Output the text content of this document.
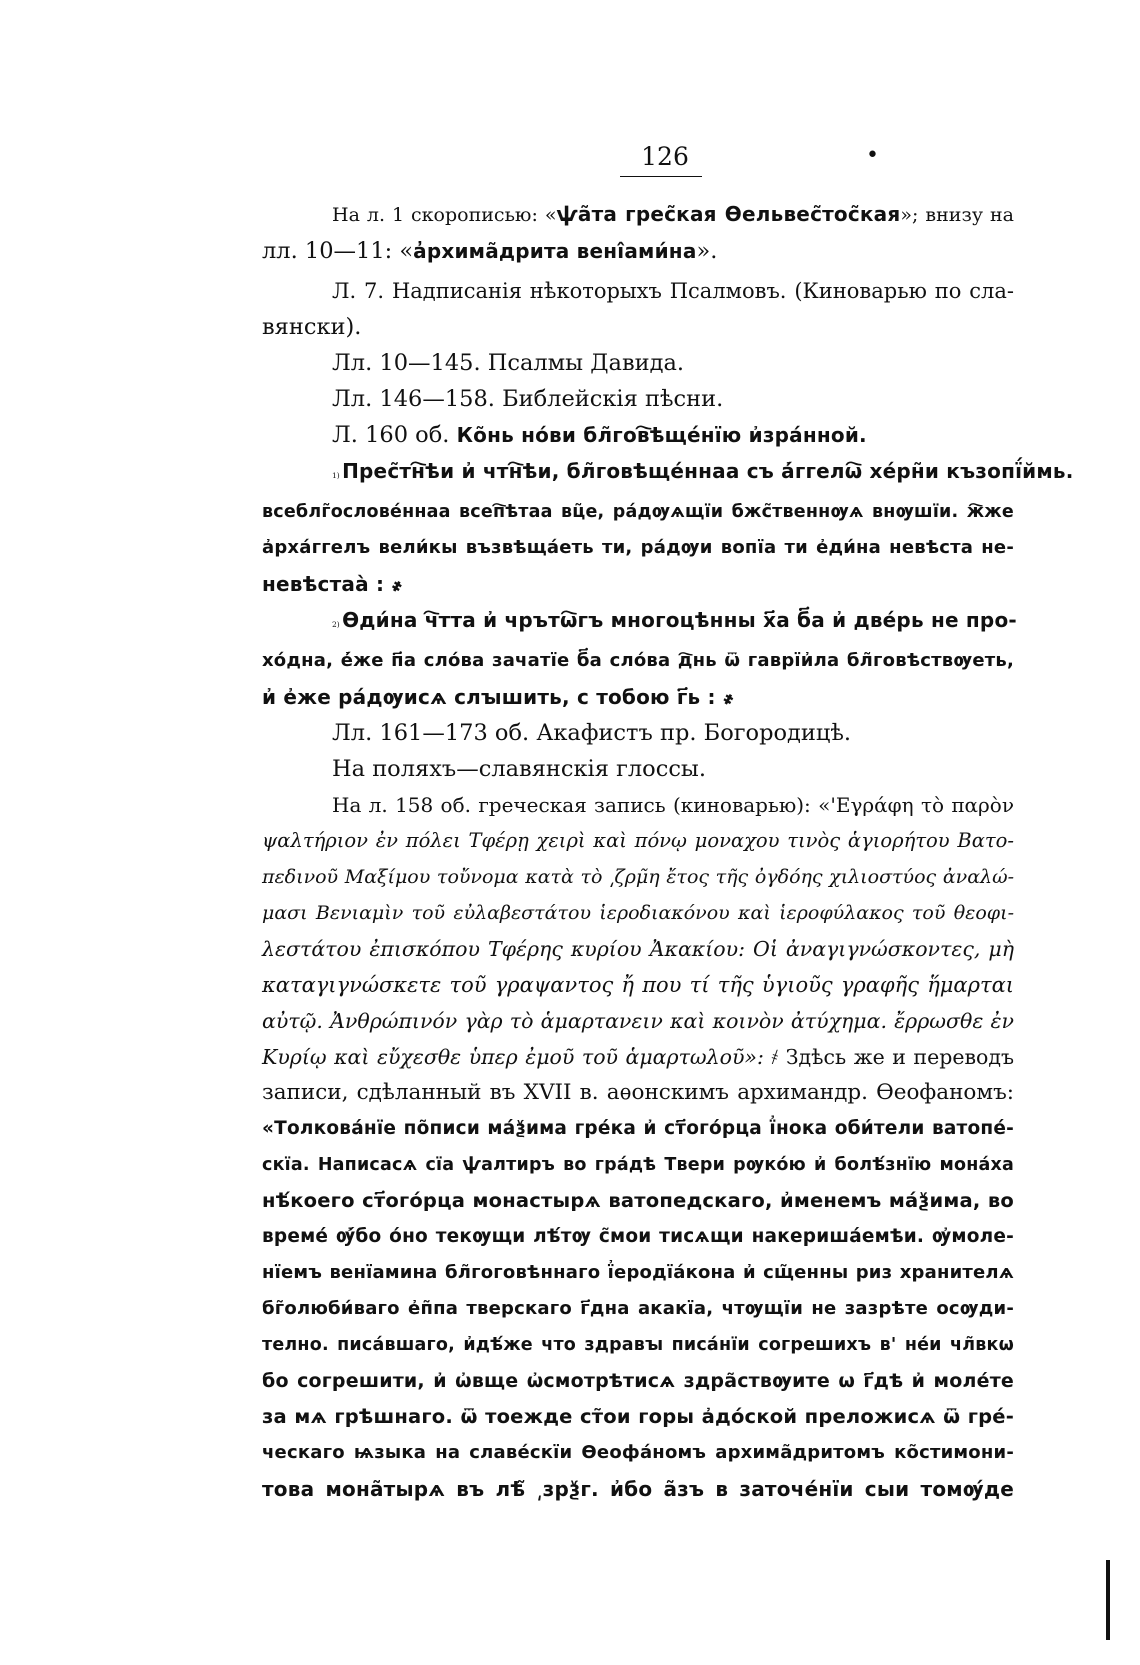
126	•

На л. 1 скорописью: «ѱа̃та грес̃кая Ѳельвес̃тос̃кая»; внизу на
лл. 10—11: «а̓рхима̃дрита вені̂ами́на».

Л. 7. Надписанія нѣкоторыхъ Псалмовъ. (Киноварью по сла-
вянски).

Лл. 10—145. Псалмы Давида.

Лл. 146—158. Библейскія пѣсни.

Л. 160 об. Ко̃нь но́ви бл̃гов҇ѣщéнїю и҆зра́нной.

1) Прес̃тн҇ѣи и҆ чтн҇ѣи, бл̃говѣще́ннаа съ а҆́ггелѡ҇ хе́рн̃и къзопї́ймь.
всеблг̃ослове́ннаа всеп҇ѣтаа вц̃е, ра́дѹѧщїи бжс̃твеннѹѧ внѹшїи. ж҇же
а҆рха́ггелъ вели́кы възвѣща́еть ти, ра́дѹи вопїа ти е҆ди́на невѣста не-
невѣстаа̀ : ҂

2) Ѳди́на ч҇тта и҆ чрътѡ҇гъ многоцѣнны х҃а б҃а и҆ две́рь не про-
хо́дна, е҆́же п҃а сло́ва зачатїе б҃а сло́ва д҇нь ѿ гаврїи҆ла бл̃говѣствѹеть,
и҆ е҆же ра́дѹисѧ слꙑшить, с тобою г҃ь : ҂

Лл. 161—173 об. Акафистъ пр. Богородицѣ.

На поляхъ—славянскія глоссы.

На л. 158 об. греческая запись (киноварью): «'Εγράφη τὸ παρὸν
ψαλτήριον ἐν πόλει Τφέρῃ χειρὶ καὶ πόνῳ μοναχου τινὸς ἁγιορήτου Βατο-
πεδινοῦ Μαξίμου τοὔνομα κατὰ τὸ ͵ζρμ̃η ἔτος τῆς ὀγδόης χιλιοστύος ἀναλώ-
μασι Βενιαμὶν τοῦ εὐλαβεστάτου ἱεροδιακόνου καὶ ἱεροφύλακος τοῦ θεοφι-
λεστάτου ἐπισκόπου Τφέρης κυρίου Ἀκακίου: Οἱ ἀναγιγνώσκοντες, μὴ
καταγιγνώσκετε τοῦ γραψαντος ἤ που τί τῆς ὑγιοῦς γραφῆς ἥμαρται
αὐτῷ. Ἀνθρώπινόν γὰρ τὸ ἁμαρτανειν καὶ κοινὸν ἀτύχημα. ἔρρωσθε ἐν
Κυρίῳ καὶ εὔχεσθε ὑπερ ἐμοῦ τοῦ ἁμαρτωλοῦ»: ҂ Здѣсь же и переводъ
записи, сдѣланный въ XVII в. аѳонскимъ архимандр. Ѳеофаномъ:
«Толкова́нїе по̃писи ма́ѯима гре́ка и҆ ст҃ого́рца ї҆нока оби́тели ватопе́-
скїа. Написасѧ сїа ѱалтиръ во гра́дѣ Твери рѹко́ю и҆ болѣ́знїю мона́ха
нѣ́коего ст҃ого́рца монастырѧ ватопедскаго, и҆менемъ ма́ѯима, во
време́ ѹ҆́бо о́но текѹщи лѣ́тѹ с̃мои тисѧщи накериша́емѣи. ѹ҆моле-
нїемъ венїамина бл̃гоговѣннаго ї҆еродїа́кона и҆ сщ̃енны риз хранителѧ
бг̃олюби́ваго е҆п̃па тверскаго г҃дна акакїа, чтѹщїи не зазрѣте осѹди-
телно. писа́вшаго, и҆дѣ́же что здравꙑ писа́нїи согрешихъ в' не́и чл̃вкѡ
бо согрешити, и҆ ѡ҆вще ѡ҆смотрѣтисѧ здра̃ствѹите ѡ г҃дѣ и҆ моле́те
за мѧ грѣшнаго. ѿ тоежде ст̃ои горы а҆до́ской преложисѧ ѿ гре́-
ческаго ѩзыка на славе́скїи Ѳеофа́номъ архима̃дритомъ ко̃стимони-
това мона̃тырѧ въ лѣ̃ ͵зрѯг. и҆бо а̃зъ в заточе́нїи сыи томѹ́де
